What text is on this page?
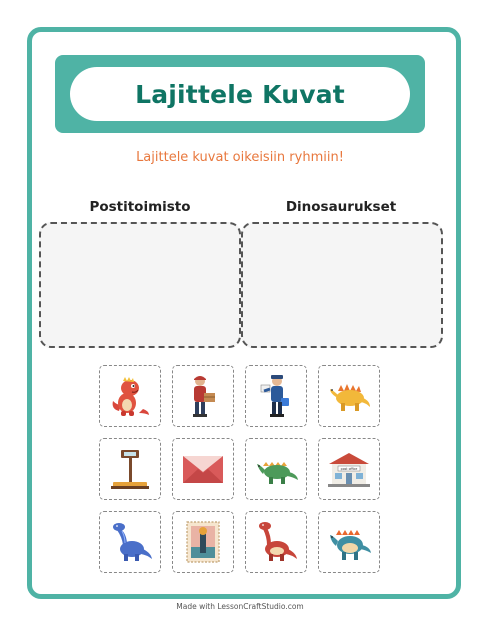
Lajittele Kuvat
Lajittele kuvat oikeisiin ryhmiin!
Postitoimisto	Dinosaurukset
post office
Made with LessonCraftStudio.com
